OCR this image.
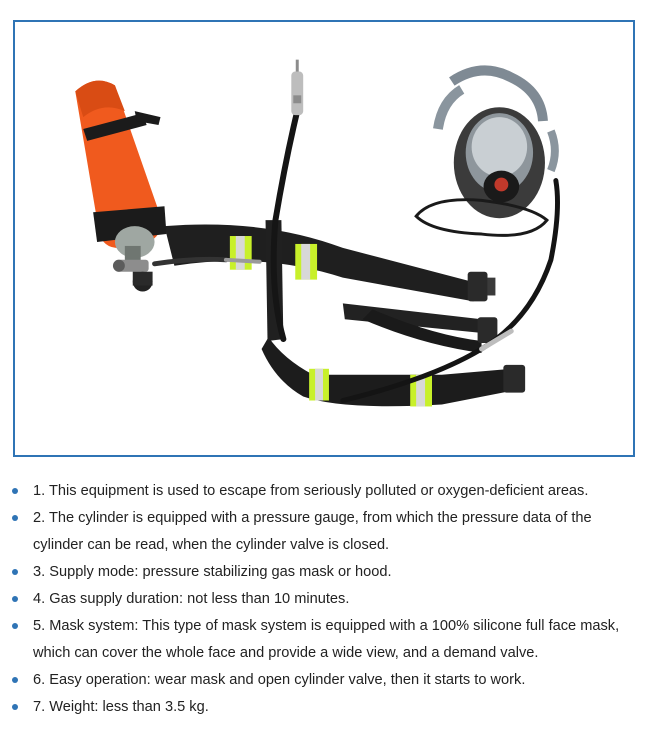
1. This equipment is used to escape from seriously polluted or oxygen-deficient areas.
2. The cylinder is equipped with a pressure gauge, from which the pressure data of the cylinder can be read, when the cylinder valve is closed.
3. Supply mode: pressure stabilizing gas mask or hood.
4. Gas supply duration: not less than 10 minutes.
5. Mask system: This type of mask system is equipped with a 100% silicone full face mask, which can cover the whole face and provide a wide view, and a demand valve.
6. Easy operation: wear mask and open cylinder valve, then it starts to work.
7. Weight: less than 3.5 kg.
